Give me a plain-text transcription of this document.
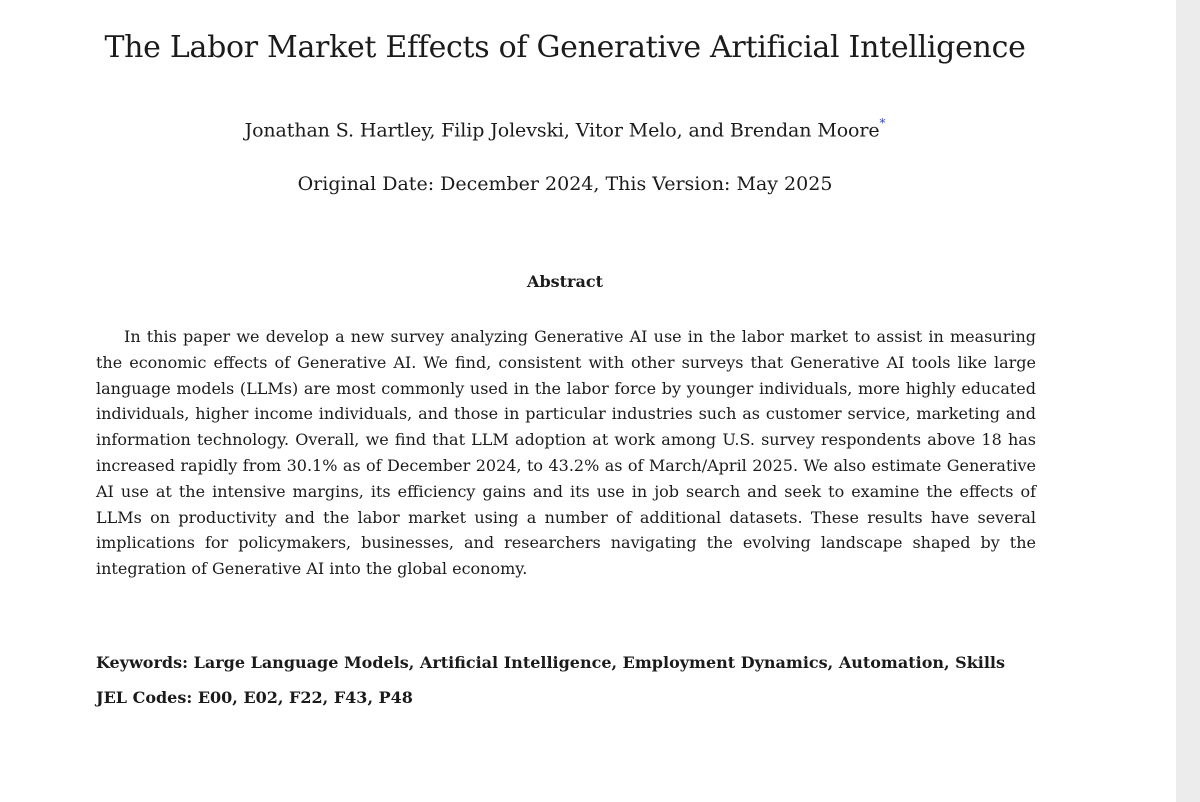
The Labor Market Effects of Generative Artificial Intelligence
Jonathan S. Hartley, Filip Jolevski, Vitor Melo, and Brendan Moore*
Original Date: December 2024, This Version: May 2025
Abstract

In this paper we develop a new survey analyzing Generative AI use in the labor market to assist in measuring the economic effects of Generative AI. We find, consistent with other surveys that Generative AI tools like large language models (LLMs) are most commonly used in the labor force by younger individuals, more highly educated individuals, higher income individuals, and those in particular industries such as customer service, marketing and information technology. Overall, we find that LLM adoption at work among U.S. survey respondents above 18 has increased rapidly from 30.1% as of December 2024, to 43.2% as of March/April 2025. We also estimate Generative AI use at the intensive margins, its efficiency gains and its use in job search and seek to examine the effects of LLMs on productivity and the labor market using a number of additional datasets. These results have several implications for policymakers, businesses, and researchers navigating the evolving landscape shaped by the integration of Generative AI into the global economy.

Keywords: Large Language Models, Artificial Intelligence, Employment Dynamics, Automation, Skills
JEL Codes: E00, E02, F22, F43, P48
